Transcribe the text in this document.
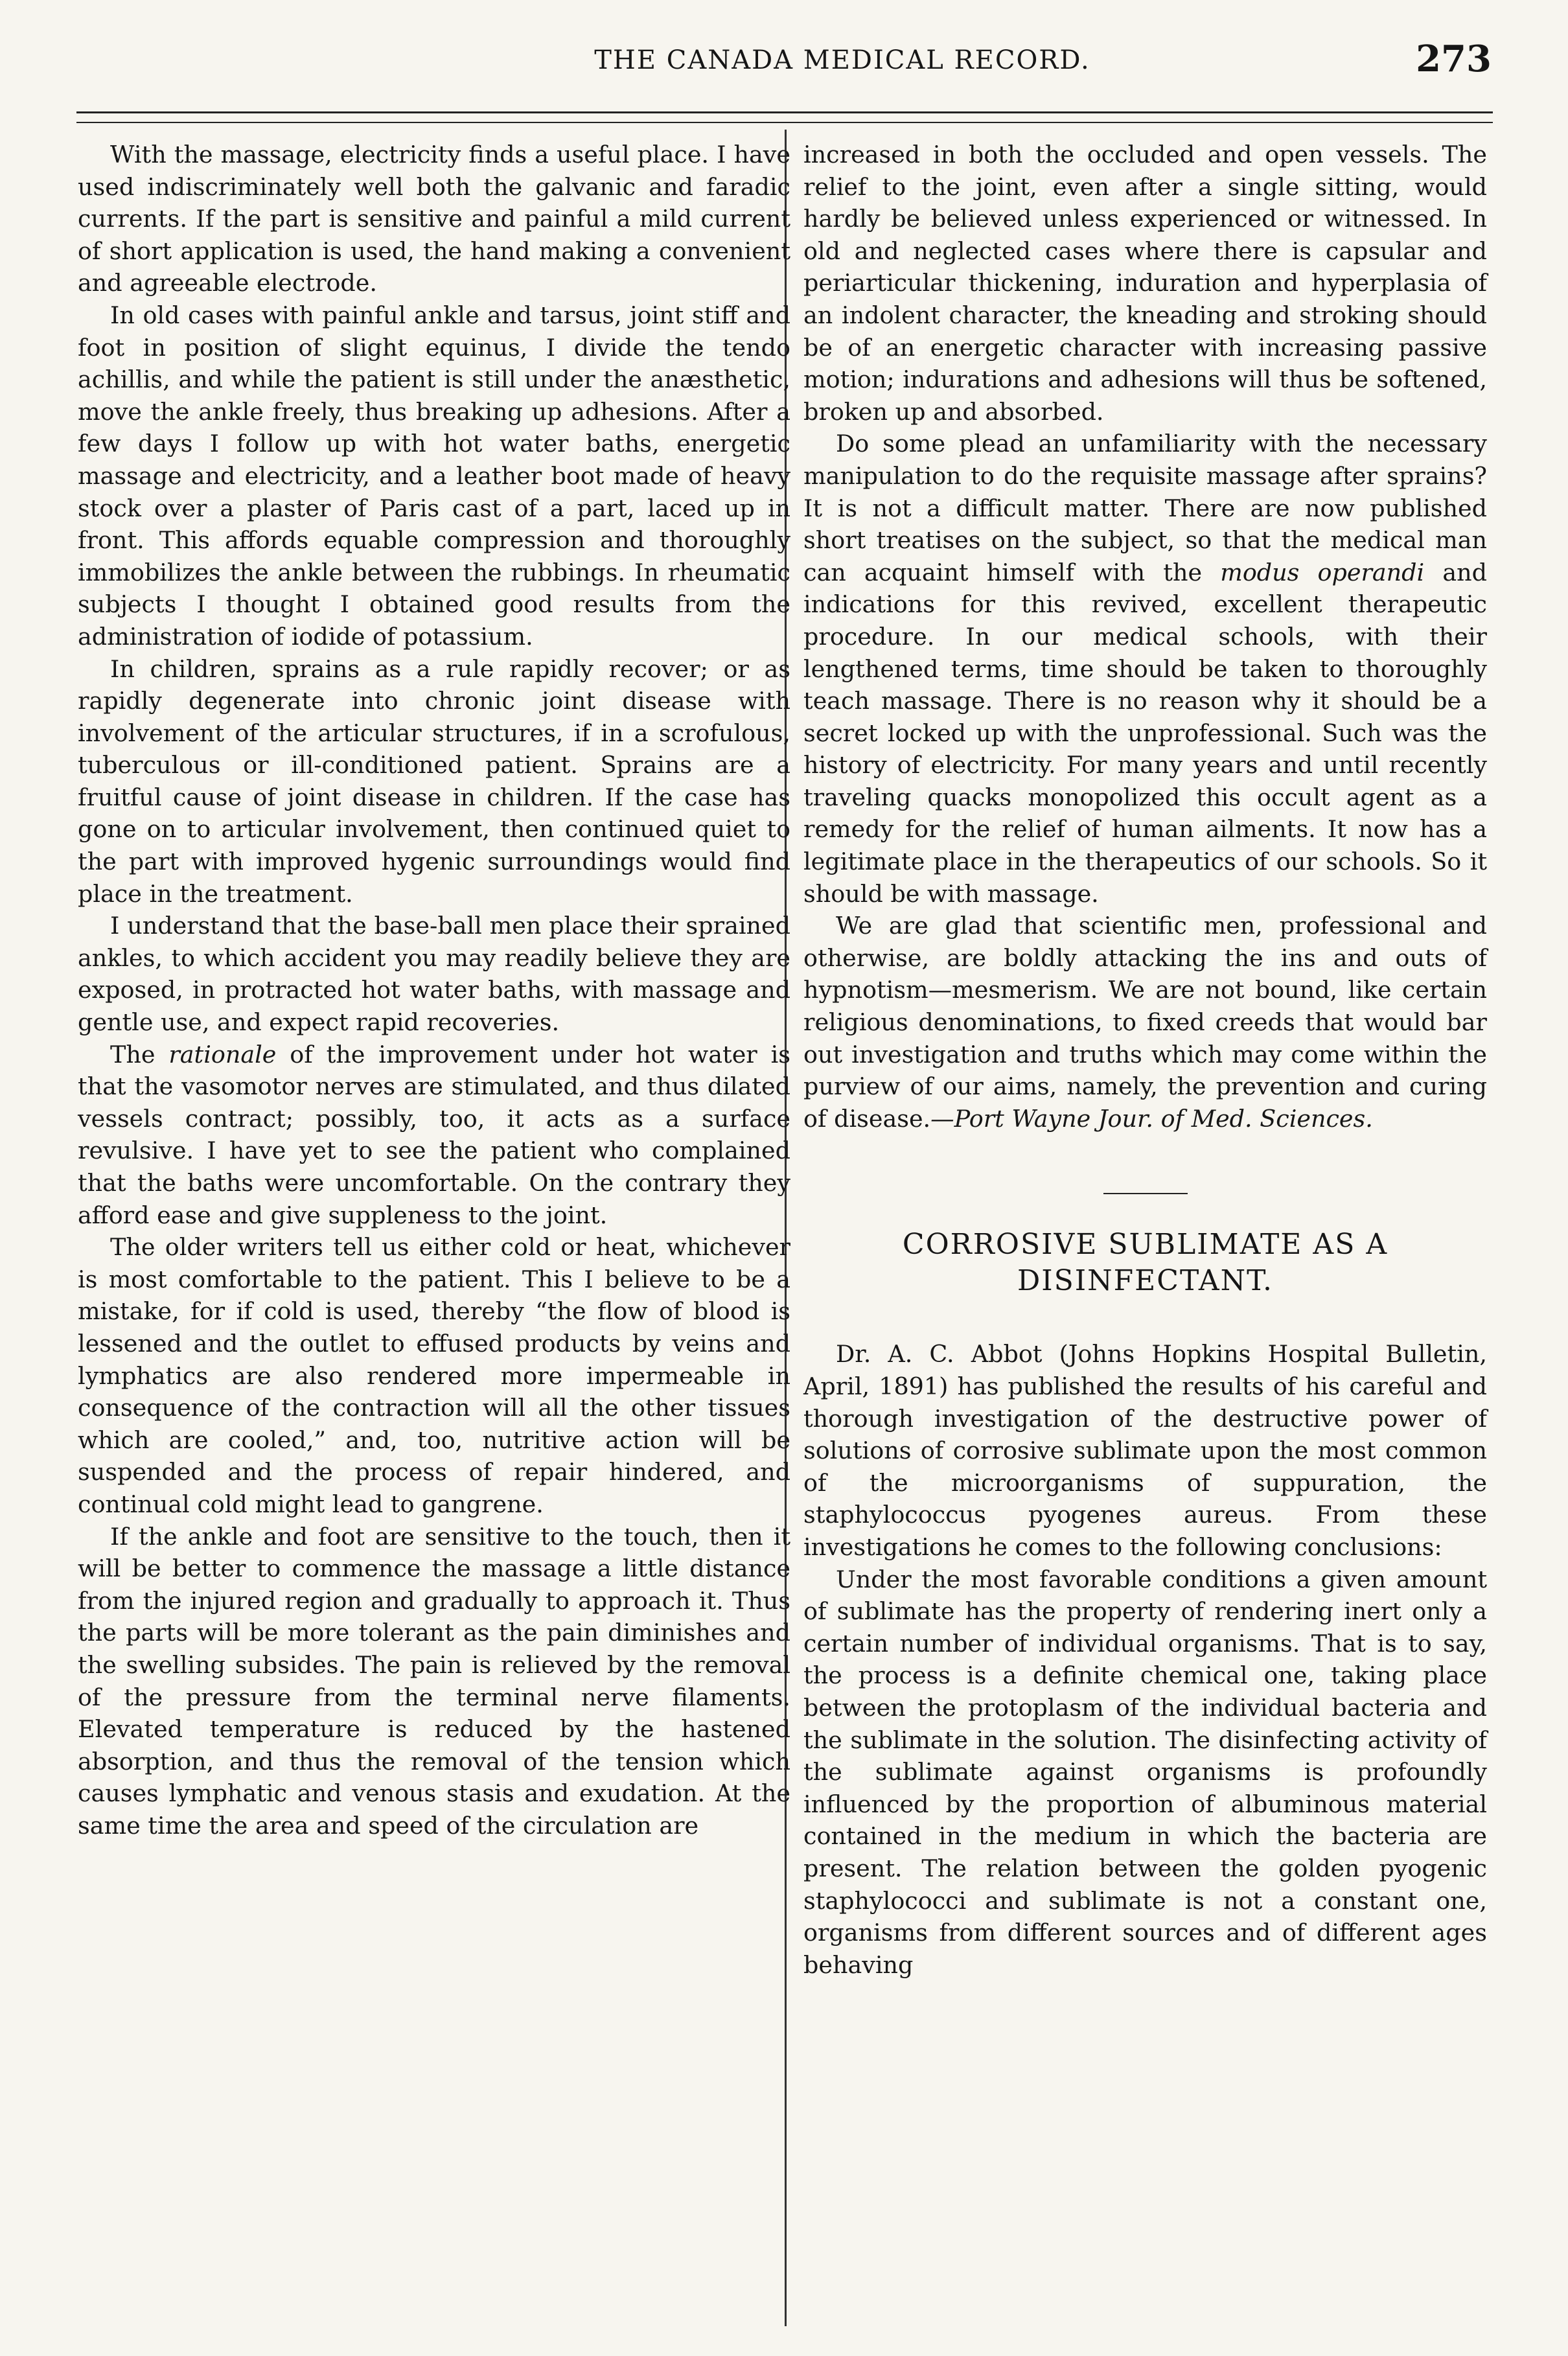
THE CANADA MEDICAL RECORD.	273

With the massage, electricity finds a useful place. I have used indiscriminately well both the galvanic and faradic currents. If the part is sensitive and painful a mild current of short application is used, the hand making a convenient and agreeable electrode.

In old cases with painful ankle and tarsus, joint stiff and foot in position of slight equinus, I divide the tendo achillis, and while the patient is still under the anæsthetic, move the ankle freely, thus breaking up adhesions. After a few days I follow up with hot water baths, energetic massage and electricity, and a leather boot made of heavy stock over a plaster of Paris cast of a part, laced up in front. This affords equable compression and thoroughly immobilizes the ankle between the rubbings. In rheumatic subjects I thought I obtained good results from the administration of iodide of potassium.

In children, sprains as a rule rapidly recover; or as rapidly degenerate into chronic joint disease with involvement of the articular structures, if in a scrofulous, tuberculous or ill-conditioned patient. Sprains are a fruitful cause of joint disease in children. If the case has gone on to articular involvement, then continued quiet to the part with improved hygenic surroundings would find place in the treatment.

I understand that the base-ball men place their sprained ankles, to which accident you may readily believe they are exposed, in protracted hot water baths, with massage and gentle use, and expect rapid recoveries.

The rationale of the improvement under hot water is that the vasomotor nerves are stimulated, and thus dilated vessels contract; possibly, too, it acts as a surface revulsive. I have yet to see the patient who complained that the baths were uncomfortable. On the contrary they afford ease and give suppleness to the joint.

The older writers tell us either cold or heat, whichever is most comfortable to the patient. This I believe to be a mistake, for if cold is used, thereby “the flow of blood is lessened and the outlet to effused products by veins and lymphatics are also rendered more impermeable in consequence of the contraction will all the other tissues which are cooled,” and, too, nutritive action will be suspended and the process of repair hindered, and continual cold might lead to gangrene.

If the ankle and foot are sensitive to the touch, then it will be better to commence the massage a little distance from the injured region and gradually to approach it. Thus the parts will be more tolerant as the pain diminishes and the swelling subsides. The pain is relieved by the removal of the pressure from the terminal nerve filaments. Elevated temperature is reduced by the hastened absorption, and thus the removal of the tension which causes lymphatic and venous stasis and exudation. At the same time the area and speed of the circulation are

increased in both the occluded and open vessels. The relief to the joint, even after a single sitting, would hardly be believed unless experienced or witnessed. In old and neglected cases where there is capsular and periarticular thickening, induration and hyperplasia of an indolent character, the kneading and stroking should be of an energetic character with increasing passive motion; indurations and adhesions will thus be softened, broken up and absorbed.

Do some plead an unfamiliarity with the necessary manipulation to do the requisite massage after sprains? It is not a difficult matter. There are now published short treatises on the subject, so that the medical man can acquaint himself with the modus operandi and indications for this revived, excellent therapeutic procedure. In our medical schools, with their lengthened terms, time should be taken to thoroughly teach massage. There is no reason why it should be a secret locked up with the unprofessional. Such was the history of electricity. For many years and until recently traveling quacks monopolized this occult agent as a remedy for the relief of human ailments. It now has a legitimate place in the therapeutics of our schools. So it should be with massage.

We are glad that scientific men, professional and otherwise, are boldly attacking the ins and outs of hypnotism—mesmerism. We are not bound, like certain religious denominations, to fixed creeds that would bar out investigation and truths which may come within the purview of our aims, namely, the prevention and curing of disease.—Port Wayne Jour. of Med. Sciences.

CORROSIVE SUBLIMATE AS A DISINFECTANT.

Dr. A. C. Abbot (Johns Hopkins Hospital Bulletin, April, 1891) has published the results of his careful and thorough investigation of the destructive power of solutions of corrosive sublimate upon the most common of the microorganisms of suppuration, the staphylococcus pyogenes aureus. From these investigations he comes to the following conclusions:

Under the most favorable conditions a given amount of sublimate has the property of rendering inert only a certain number of individual organisms. That is to say, the process is a definite chemical one, taking place between the protoplasm of the individual bacteria and the sublimate in the solution. The disinfecting activity of the sublimate against organisms is profoundly influenced by the proportion of albuminous material contained in the medium in which the bacteria are present. The relation between the golden pyogenic staphylococci and sublimate is not a constant one, organisms from different sources and of different ages behaving
